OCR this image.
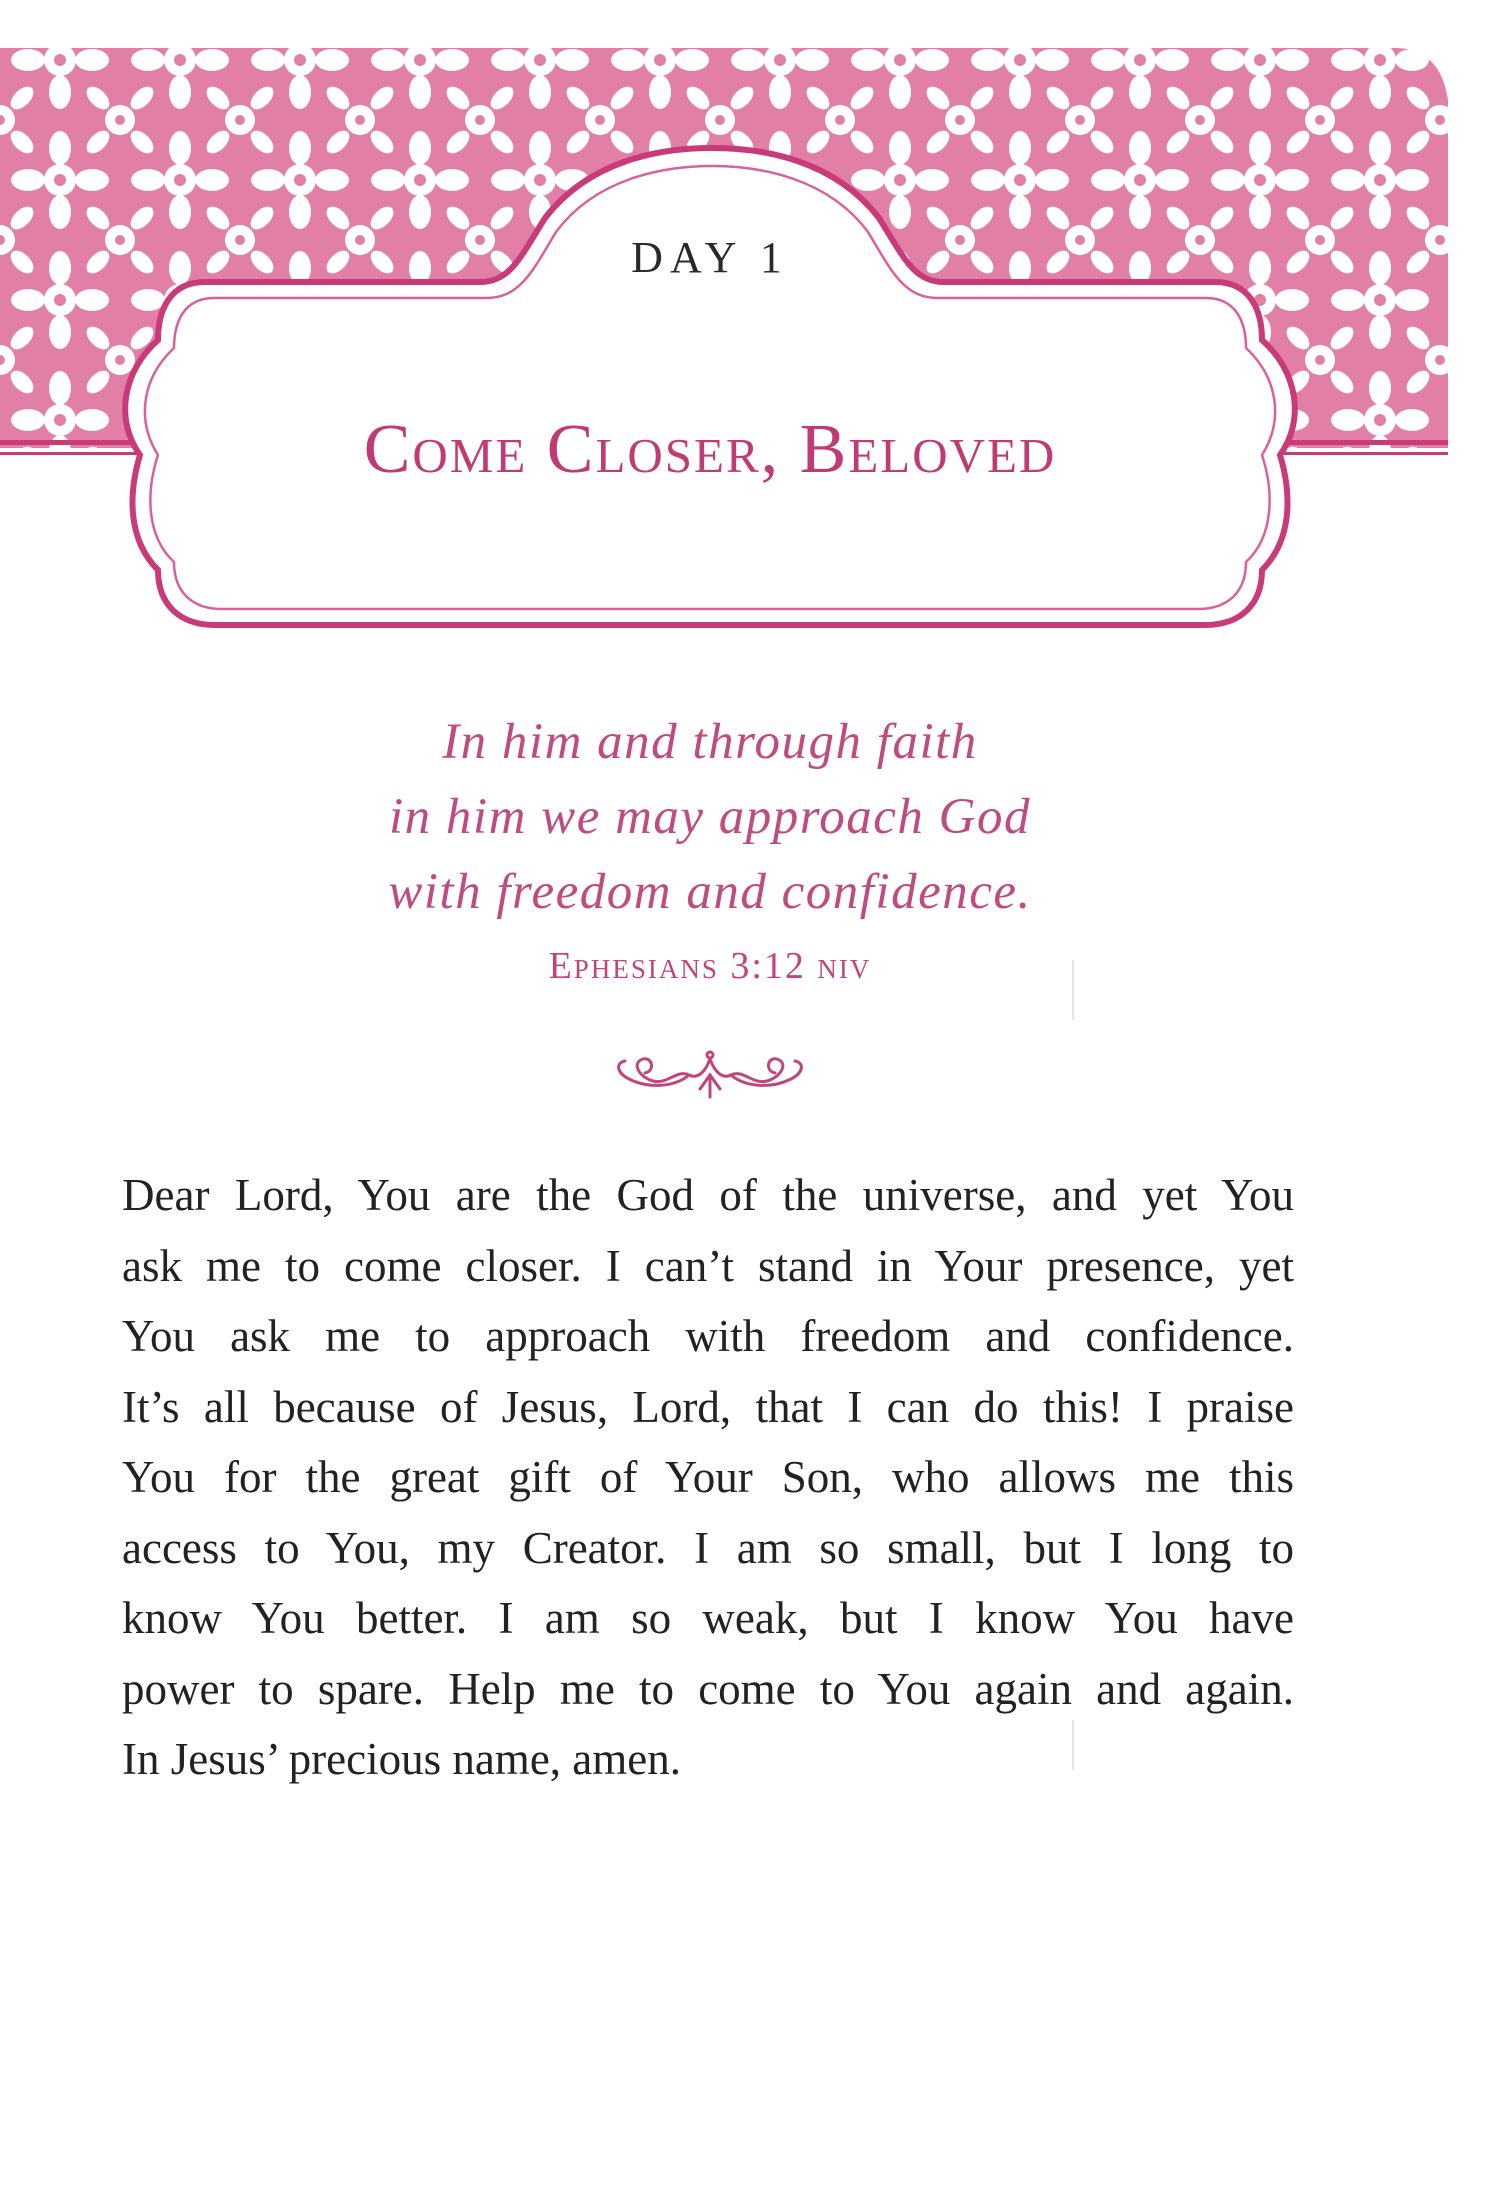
DAY 1
Come Closer, Beloved
In him and through faith
in him we may approach God
with freedom and confidence.
Ephesians 3:12 niv
Dear Lord, You are the God of the universe, and yet You
ask me to come closer. I can’t stand in Your presence, yet
You ask me to approach with freedom and confidence.
It’s all because of Jesus, Lord, that I can do this! I praise
You for the great gift of Your Son, who allows me this
access to You, my Creator. I am so small, but I long to
know You better. I am so weak, but I know You have
power to spare. Help me to come to You again and again.
In Jesus’ precious name, amen.
